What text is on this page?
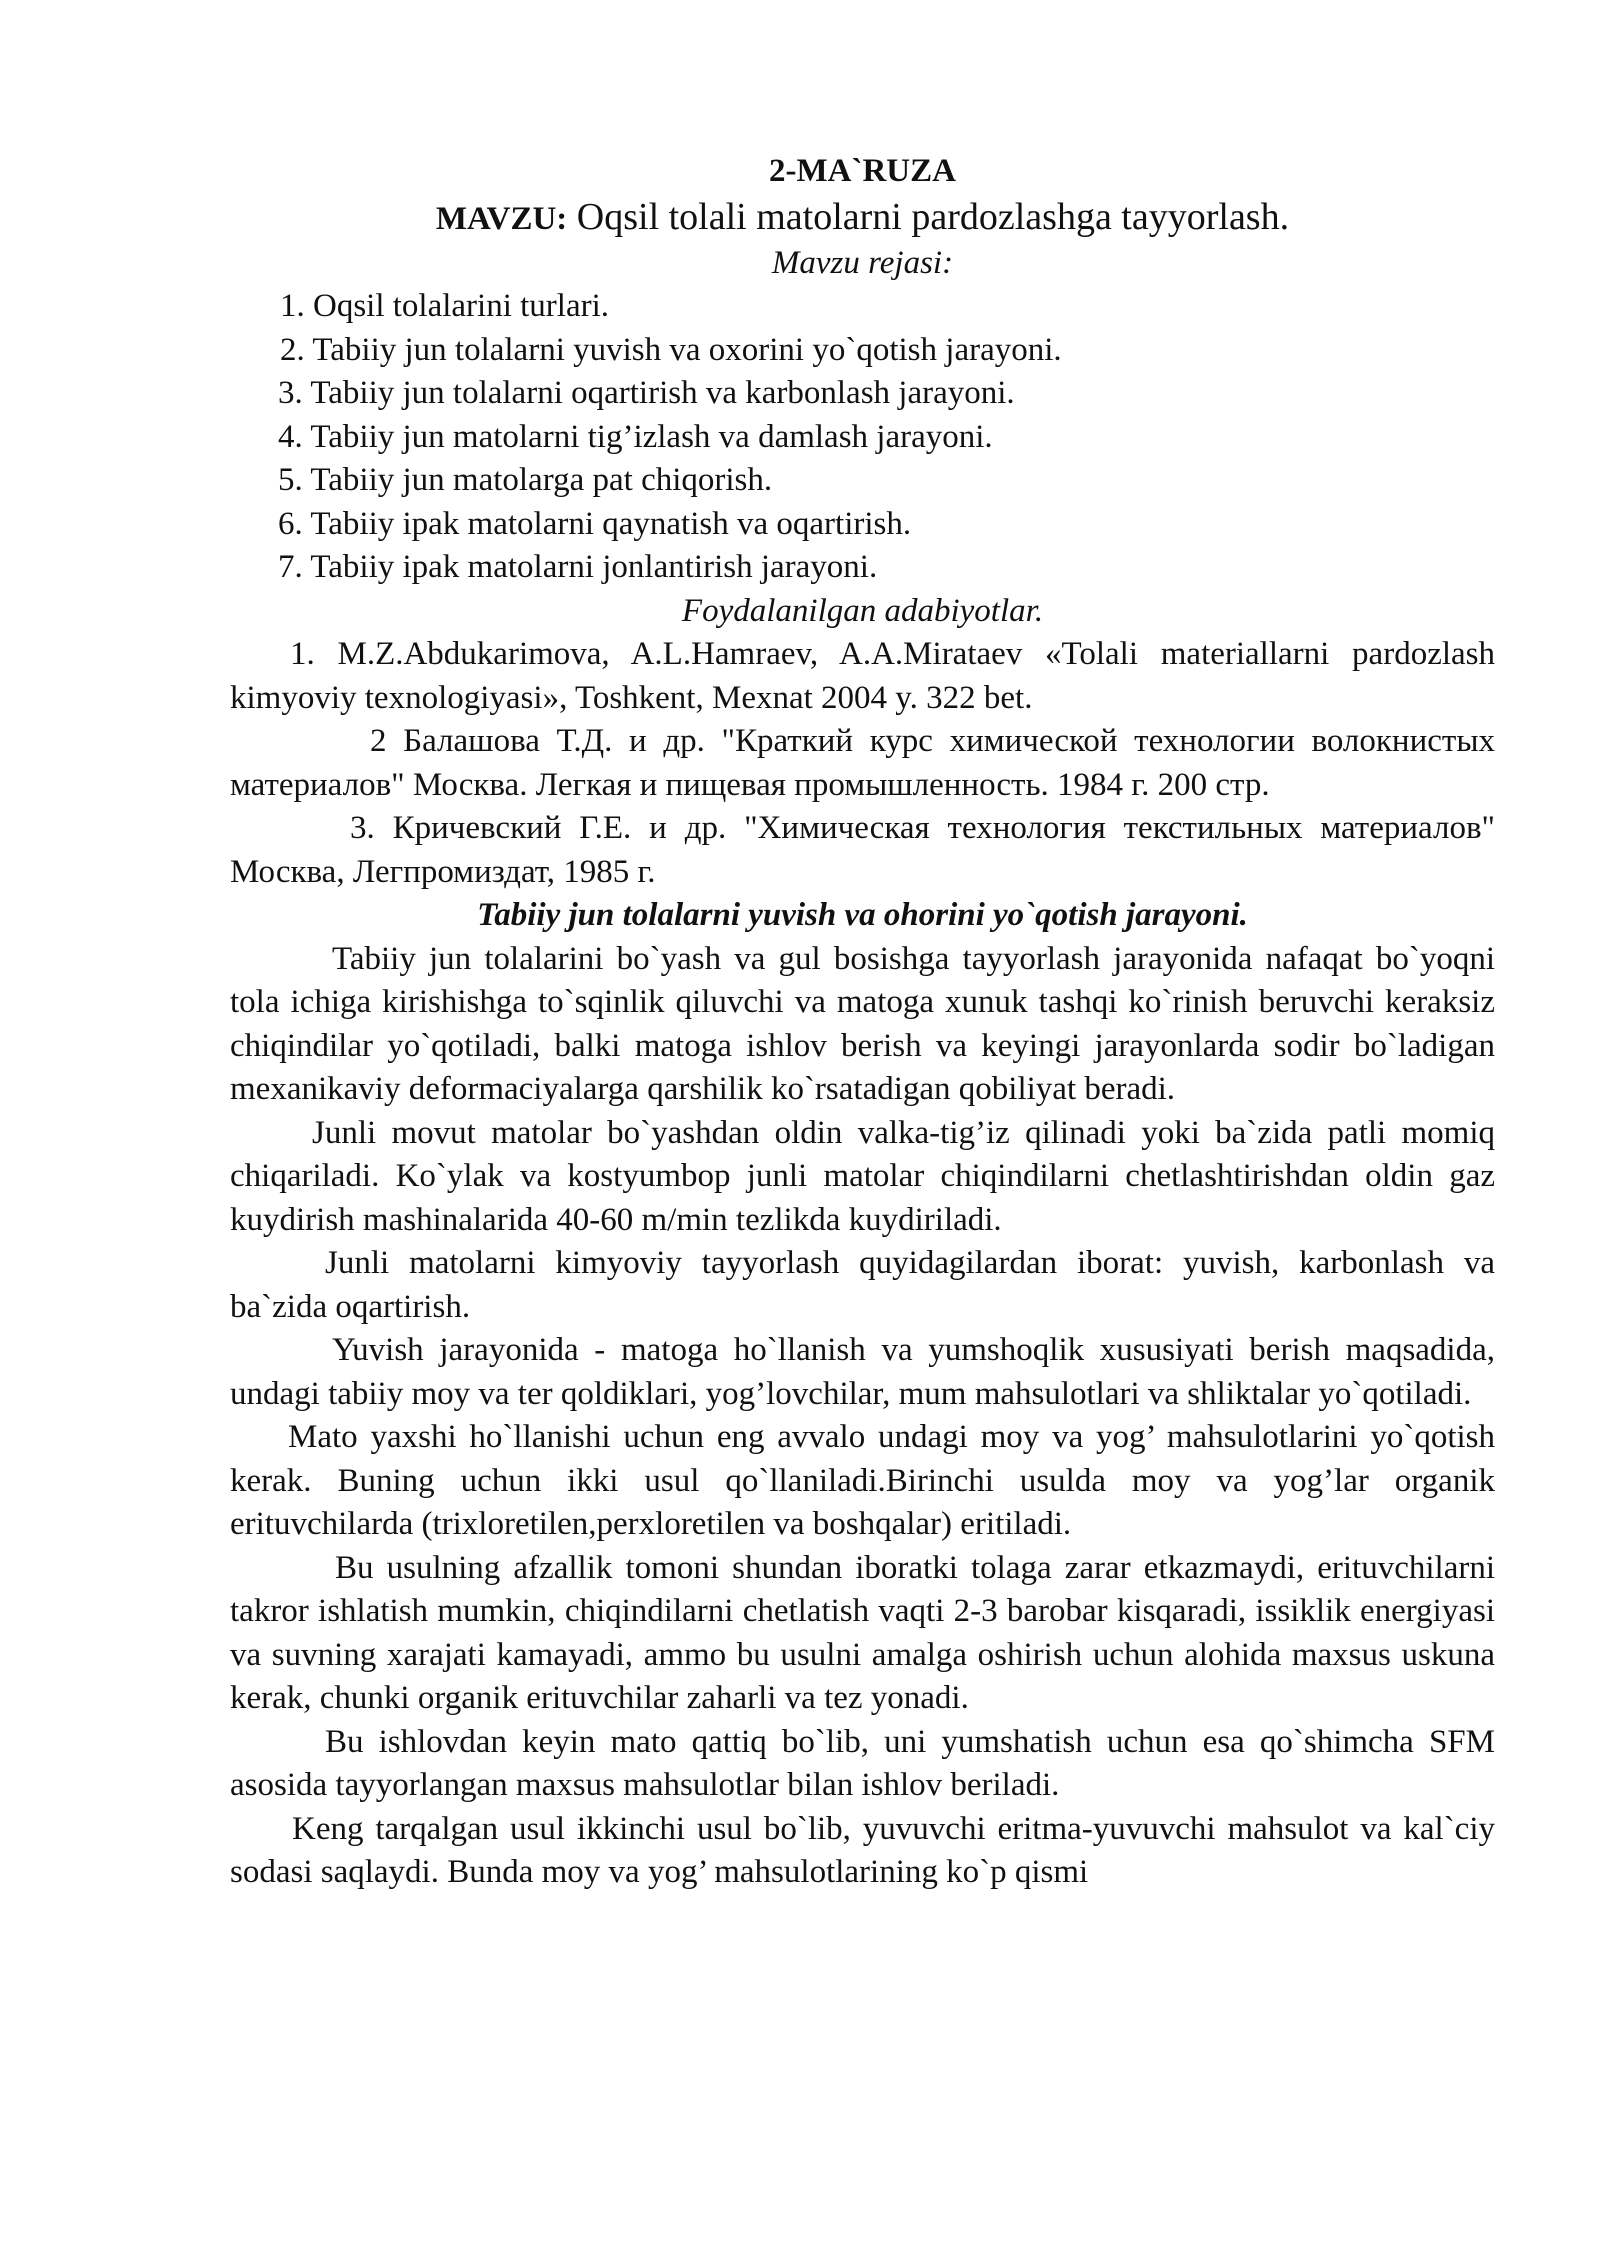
2-MA`RUZA
MAVZU: Oqsil tolali matolarni pardozlashga tayyorlash.
Mavzu rejasi:
1. Oqsil tolalarini turlari.
2. Tabiiy jun tolalarni yuvish va oxorini yo`qotish jarayoni.
3. Tabiiy jun tolalarni oqartirish va karbonlash jarayoni.
4. Tabiiy jun matolarni tig’izlash va damlash jarayoni.
5. Tabiiy jun matolarga pat chiqorish.
6. Tabiiy ipak matolarni qaynatish va oqartirish.
7. Tabiiy ipak matolarni jonlantirish jarayoni.
Foydalanilgan adabiyotlar.
1. M.Z.Abdukarimova, A.L.Hamraev, A.A.Mirataev «Tolali materiallarni pardozlash kimyoviy texnologiyasi», Toshkent, Mexnat 2004 y. 322 bet.
2 Балашова Т.Д. и др. "Краткий курс химической технологии волокнистых материалов" Москва. Легкая и пищевая промышленность. 1984 г. 200 стр.
3. Кричевский Г.Е. и др. "Химическая технология текстильных материалов" Москва, Легпромиздат, 1985 г.
Tabiiy jun tolalarni yuvish va ohorini yo`qotish jarayoni.

Tabiiy jun tolalarini bo`yash va gul bosishga tayyorlash jarayonida nafaqat bo`yoqni tola ichiga kirishishga to`sqinlik qiluvchi va matoga xunuk tashqi ko`rinish beruvchi keraksiz chiqindilar yo`qotiladi, balki matoga ishlov berish va keyingi jarayonlarda sodir bo`ladigan mexanikaviy deformaciyalarga qarshilik ko`rsatadigan qobiliyat beradi.

Junli movut matolar bo`yashdan oldin valka-tig’iz qilinadi yoki ba`zida patli momiq chiqariladi. Ko`ylak va kostyumbop junli matolar chiqindilarni chetlashtirishdan oldin gaz kuydirish mashinalarida 40-60 m/min tezlikda kuydiriladi.

Junli matolarni kimyoviy tayyorlash quyidagilardan iborat: yuvish, karbonlash va ba`zida oqartirish.

Yuvish jarayonida - matoga ho`llanish va yumshoqlik xususiyati berish maqsadida, undagi tabiiy moy va ter qoldiklari, yog’lovchilar, mum mahsulotlari va shliktalar yo`qotiladi.

Mato yaxshi ho`llanishi uchun eng avvalo undagi moy va yog’ mahsulotlarini yo`qotish kerak. Buning uchun ikki usul qo`llaniladi.Birinchi usulda moy va yog’lar organik erituvchilarda (trixloretilen,perxloretilen va boshqalar) eritiladi.

Bu usulning afzallik tomoni shundan iboratki tolaga zarar etkazmaydi, erituvchilarni takror ishlatish mumkin, chiqindilarni chetlatish vaqti 2-3 barobar kisqaradi, issiklik energiyasi va suvning xarajati kamayadi, ammo bu usulni amalga oshirish uchun alohida maxsus uskuna kerak, chunki organik erituvchilar zaharli va tez yonadi.

Bu ishlovdan keyin mato qattiq bo`lib, uni yumshatish uchun esa qo`shimcha SFM asosida tayyorlangan maxsus mahsulotlar bilan ishlov beriladi.

Keng tarqalgan usul ikkinchi usul bo`lib, yuvuvchi eritma-yuvuvchi mahsulot va kal`ciy sodasi saqlaydi. Bunda moy va yog’ mahsulotlarining ko`p qismi
